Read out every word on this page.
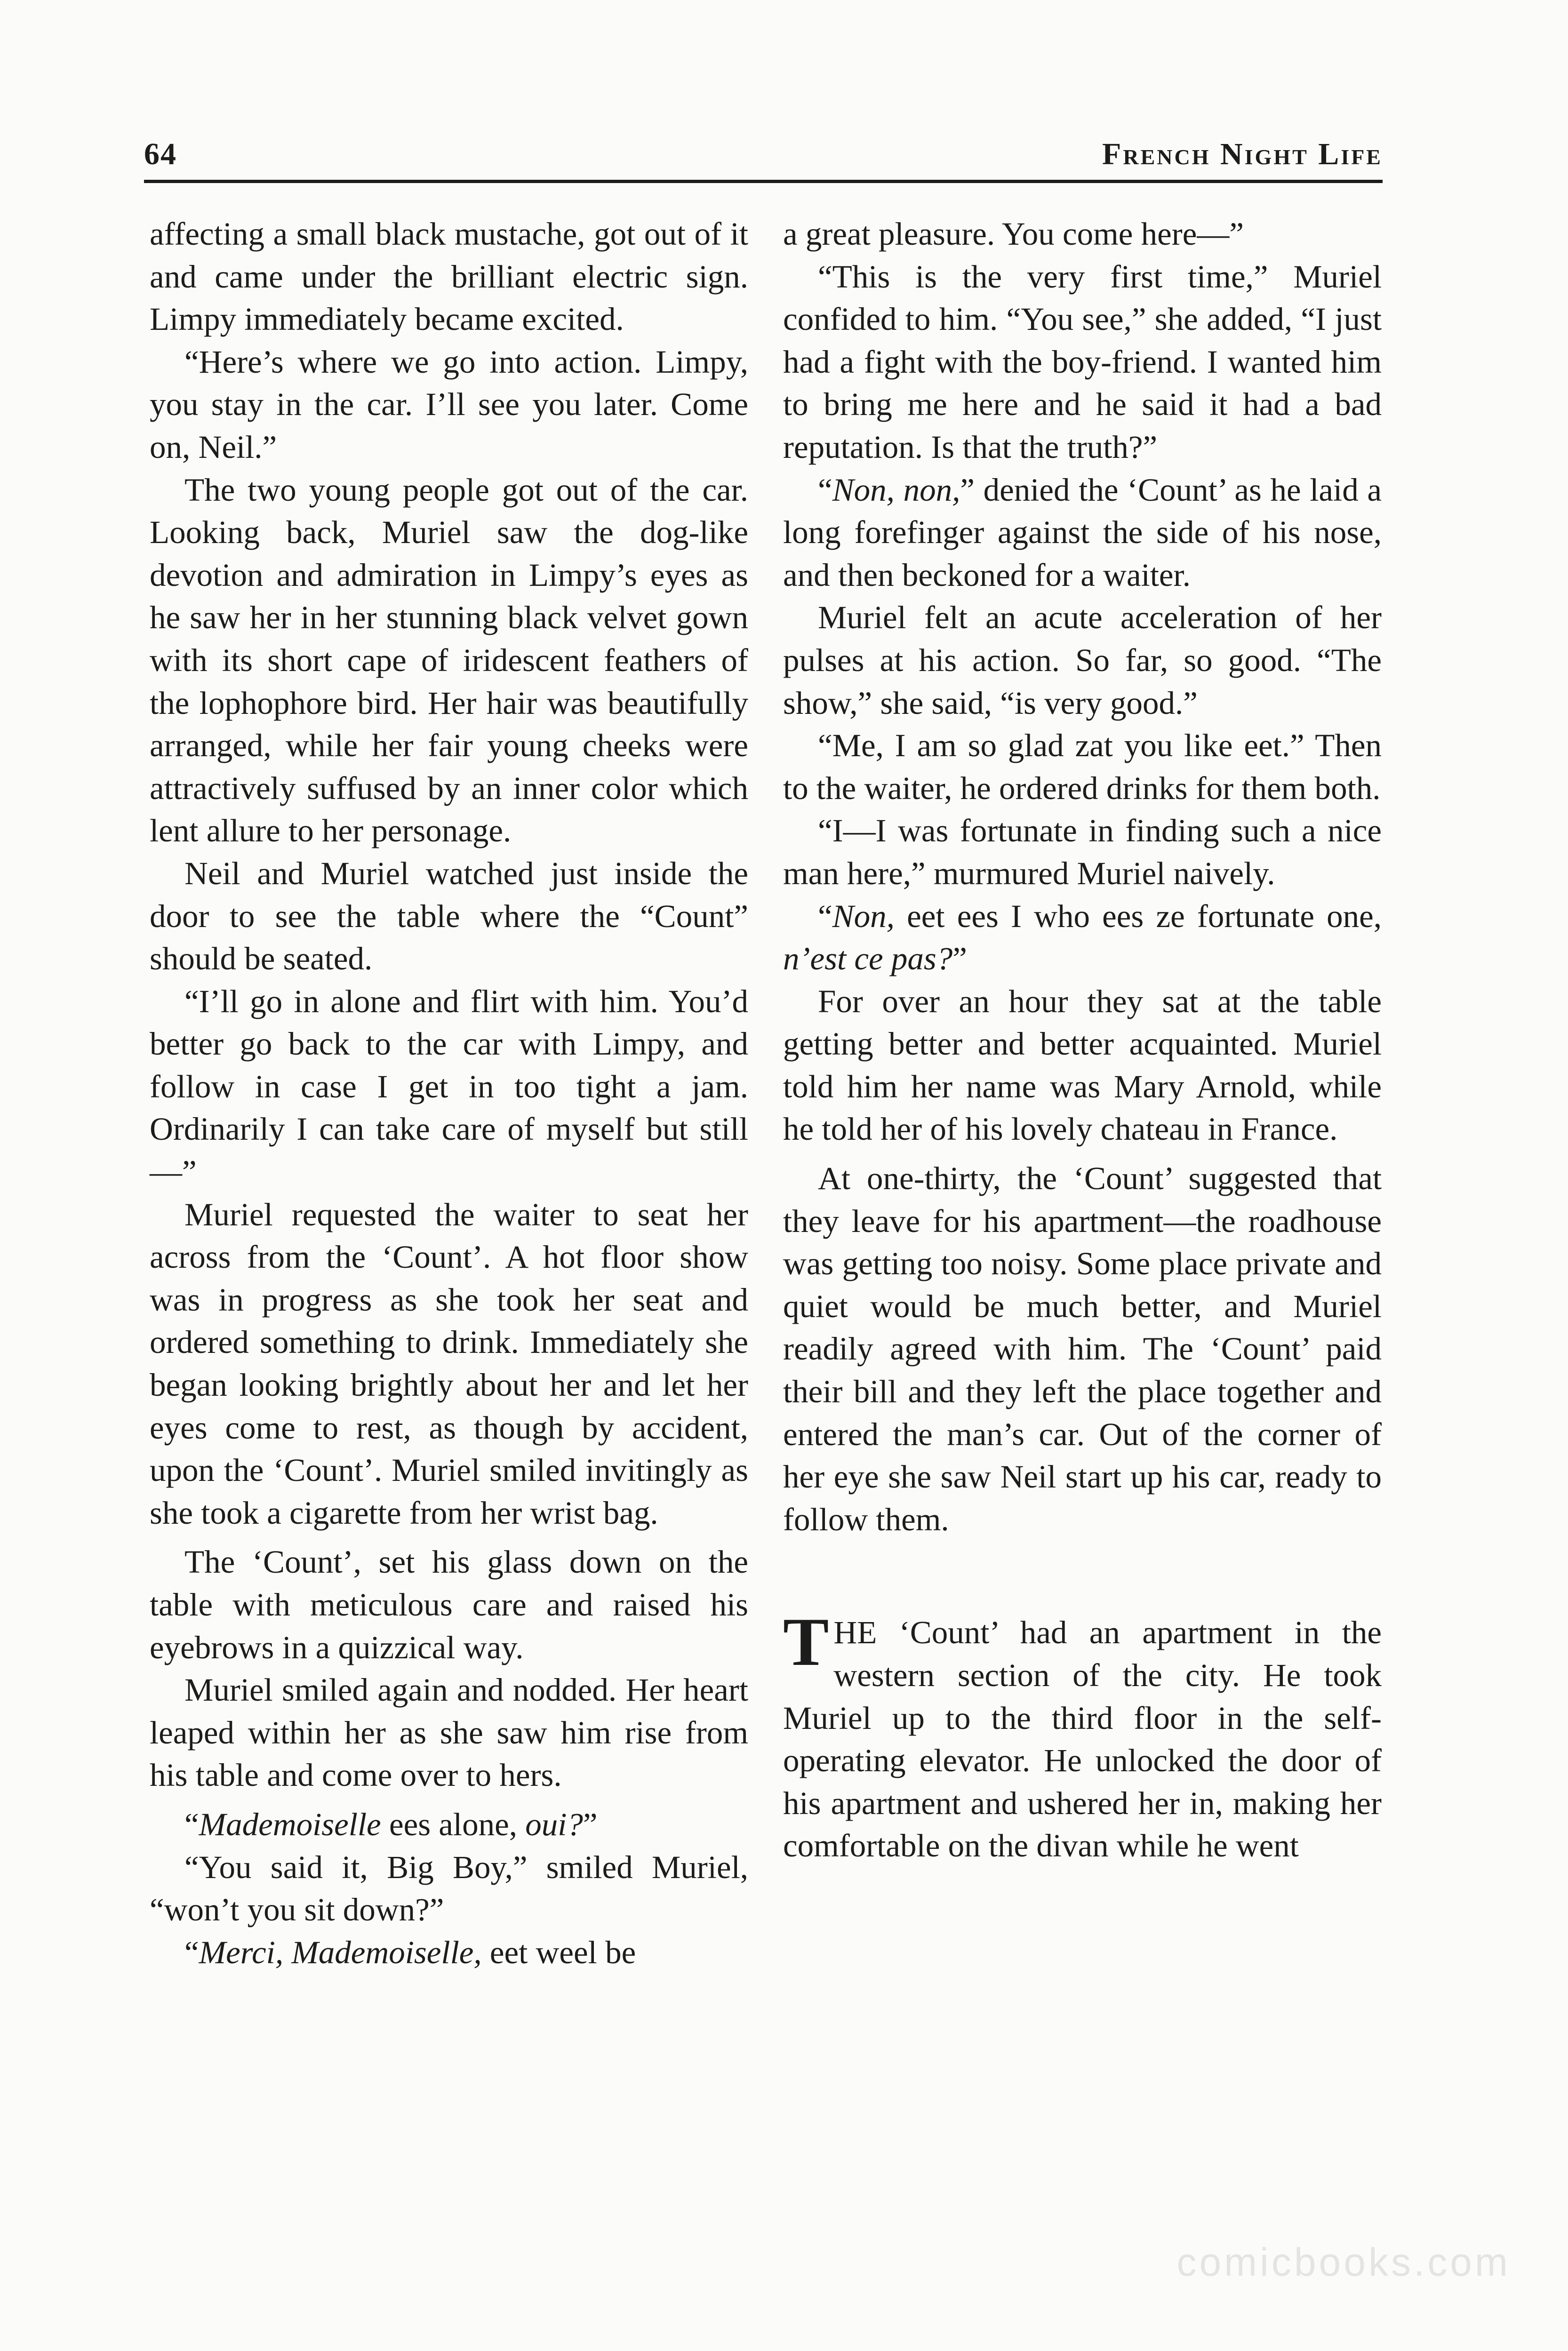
64	French Night Life

affecting a small black mustache, got out of it and came under the brilliant electric sign. Limpy immediately became excited.

“Here’s where we go into action. Limpy, you stay in the car. I’ll see you later. Come on, Neil.”

The two young people got out of the car. Looking back, Muriel saw the dog-like devotion and admiration in Limpy’s eyes as he saw her in her stunning black velvet gown with its short cape of iridescent feathers of the lophophore bird. Her hair was beautifully arranged, while her fair young cheeks were attractively suffused by an inner color which lent allure to her personage.

Neil and Muriel watched just inside the door to see the table where the “Count” should be seated.

“I’ll go in alone and flirt with him. You’d better go back to the car with Limpy, and follow in case I get in too tight a jam. Ordinarily I can take care of myself but still—”

Muriel requested the waiter to seat her across from the ‘Count’. A hot floor show was in progress as she took her seat and ordered something to drink. Immediately she began looking brightly about her and let her eyes come to rest, as though by accident, upon the ‘Count’. Muriel smiled invitingly as she took a cigarette from her wrist bag.

The ‘Count’, set his glass down on the table with meticulous care and raised his eyebrows in a quizzical way.

Muriel smiled again and nodded. Her heart leaped within her as she saw him rise from his table and come over to hers.

“Mademoiselle ees alone, oui?”

“You said it, Big Boy,” smiled Muriel, “won’t you sit down?”

“Merci, Mademoiselle, eet weel be

a great pleasure. You come here—”

“This is the very first time,” Muriel confided to him. “You see,” she added, “I just had a fight with the boy-friend. I wanted him to bring me here and he said it had a bad reputation. Is that the truth?”

“Non, non,” denied the ‘Count’ as he laid a long forefinger against the side of his nose, and then beckoned for a waiter.

Muriel felt an acute acceleration of her pulses at his action. So far, so good. “The show,” she said, “is very good.”

“Me, I am so glad zat you like eet.” Then to the waiter, he ordered drinks for them both.

“I—I was fortunate in finding such a nice man here,” murmured Muriel naively.

“Non, eet ees I who ees ze fortunate one, n’est ce pas?”

For over an hour they sat at the table getting better and better acquainted. Muriel told him her name was Mary Arnold, while he told her of his lovely chateau in France.

At one-thirty, the ‘Count’ suggested that they leave for his apartment—the roadhouse was getting too noisy. Some place private and quiet would be much better, and Muriel readily agreed with him. The ‘Count’ paid their bill and they left the place together and entered the man’s car. Out of the corner of her eye she saw Neil start up his car, ready to follow them.

THE ‘Count’ had an apartment in the western section of the city. He took Muriel up to the third floor in the self-operating elevator. He unlocked the door of his apartment and ushered her in, making her comfortable on the divan while he went

comicbooks.com
